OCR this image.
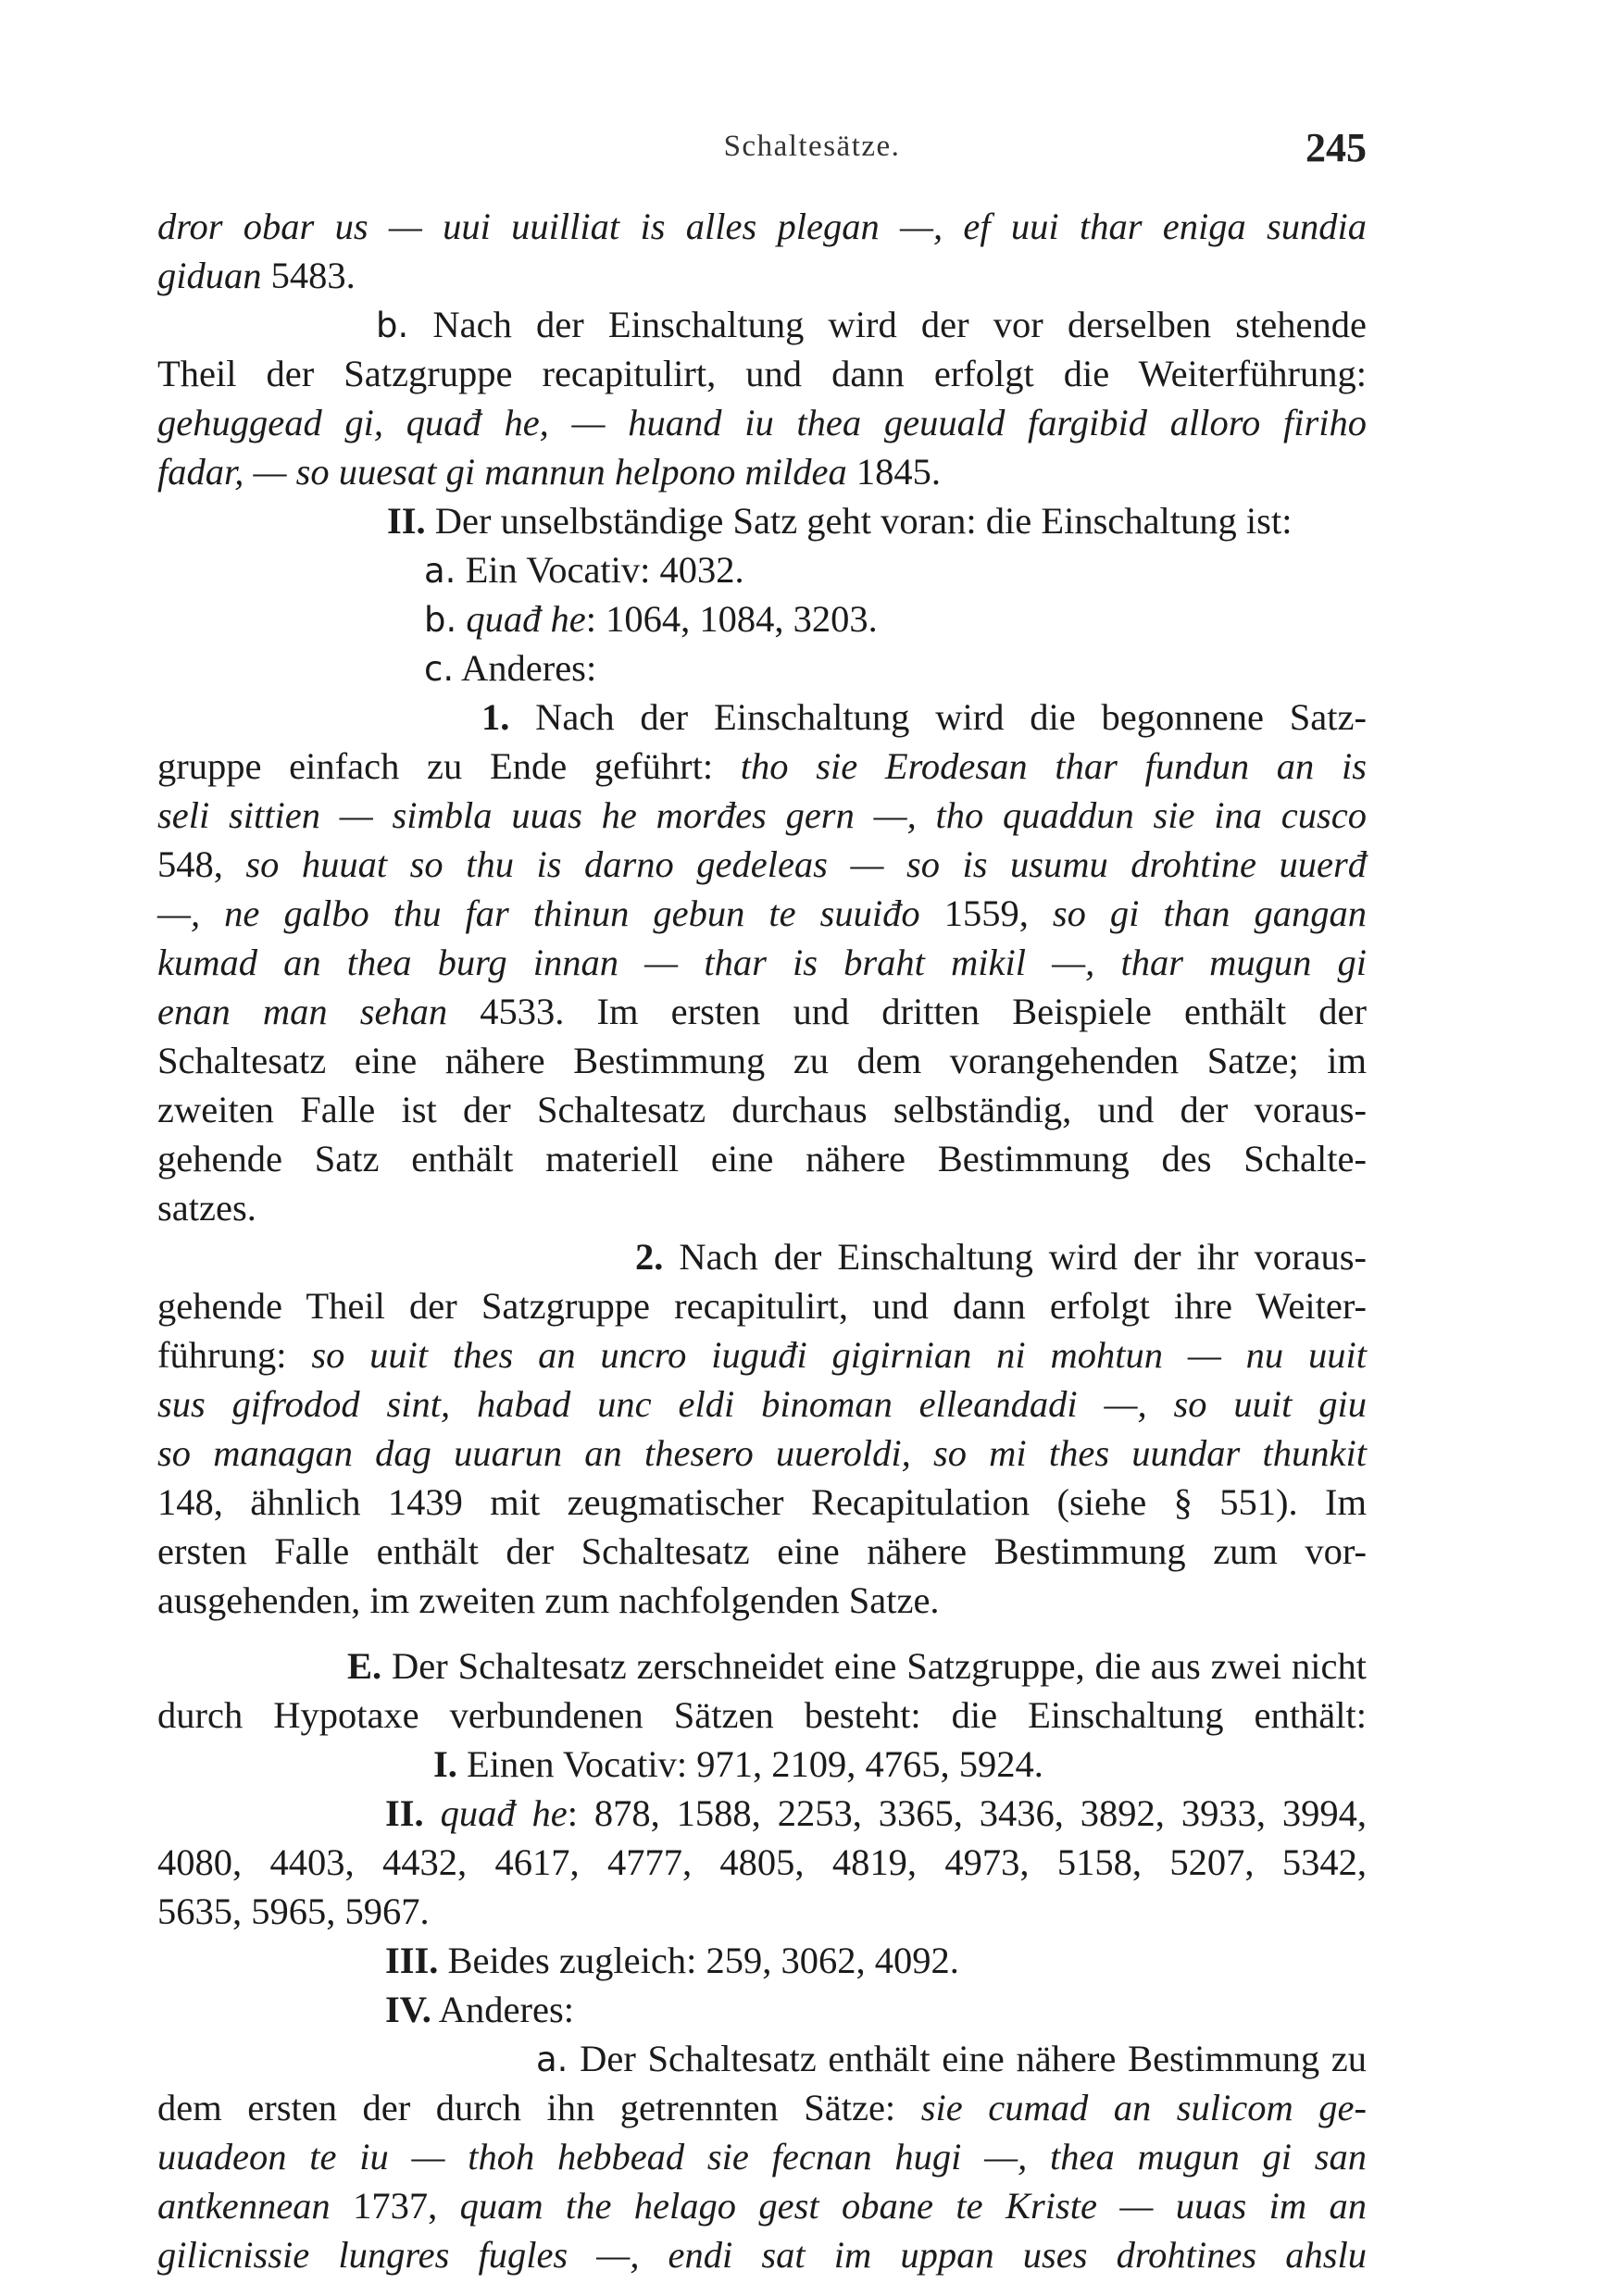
Schaltesätze.	245
dror obar us — uui uuilliat is alles plegan —, ef uui thar eniga sundia
giduan 5483.
b. Nach der Einschaltung wird der vor derselben stehende
Theil der Satzgruppe recapitulirt, und dann erfolgt die Weiterführung:
gehuggead gi, quađ he, — huand iu thea geuuald fargibid alloro firiho
fadar, — so uuesat gi mannun helpono mildea 1845.
II. Der unselbständige Satz geht voran: die Einschaltung ist:
a. Ein Vocativ: 4032.
b. quađ he: 1064, 1084, 3203.
c. Anderes:
1. Nach der Einschaltung wird die begonnene Satz-
gruppe einfach zu Ende geführt: tho sie Erodesan thar fundun an is
seli sittien — simbla uuas he morđes gern —, tho quaddun sie ina cusco
548, so huuat so thu is darno gedeleas — so is usumu drohtine uuerđ
—, ne galbo thu far thinun gebun te suuiđo 1559, so gi than gangan
kumad an thea burg innan — thar is braht mikil —, thar mugun gi
enan man sehan 4533. Im ersten und dritten Beispiele enthält der
Schaltesatz eine nähere Bestimmung zu dem vorangehenden Satze; im
zweiten Falle ist der Schaltesatz durchaus selbständig, und der voraus-
gehende Satz enthält materiell eine nähere Bestimmung des Schalte-
satzes.
2. Nach der Einschaltung wird der ihr voraus-
gehende Theil der Satzgruppe recapitulirt, und dann erfolgt ihre Weiter-
führung: so uuit thes an uncro iuguđi gigirnian ni mohtun — nu uuit
sus gifrodod sint, habad unc eldi binoman elleandadi —, so uuit giu
so managan dag uuarun an thesero uueroldi, so mi thes uundar thunkit
148, ähnlich 1439 mit zeugmatischer Recapitulation (siehe § 551). Im
ersten Falle enthält der Schaltesatz eine nähere Bestimmung zum vor-
ausgehenden, im zweiten zum nachfolgenden Satze.
E. Der Schaltesatz zerschneidet eine Satzgruppe, die aus zwei nicht
durch Hypotaxe verbundenen Sätzen besteht: die Einschaltung enthält:
I. Einen Vocativ: 971, 2109, 4765, 5924.
II. quađ he: 878, 1588, 2253, 3365, 3436, 3892, 3933, 3994,
4080, 4403, 4432, 4617, 4777, 4805, 4819, 4973, 5158, 5207, 5342,
5635, 5965, 5967.
III. Beides zugleich: 259, 3062, 4092.
IV. Anderes:
a. Der Schaltesatz enthält eine nähere Bestimmung zu
dem ersten der durch ihn getrennten Sätze: sie cumad an sulicom ge-
uuadeon te iu — thoh hebbead sie fecnan hugi —, thea mugun gi san
antkennean 1737, quam the helago gest obane te Kriste — uuas im an
gilicnissie lungres fugles —, endi sat im uppan uses drohtines ahslu
